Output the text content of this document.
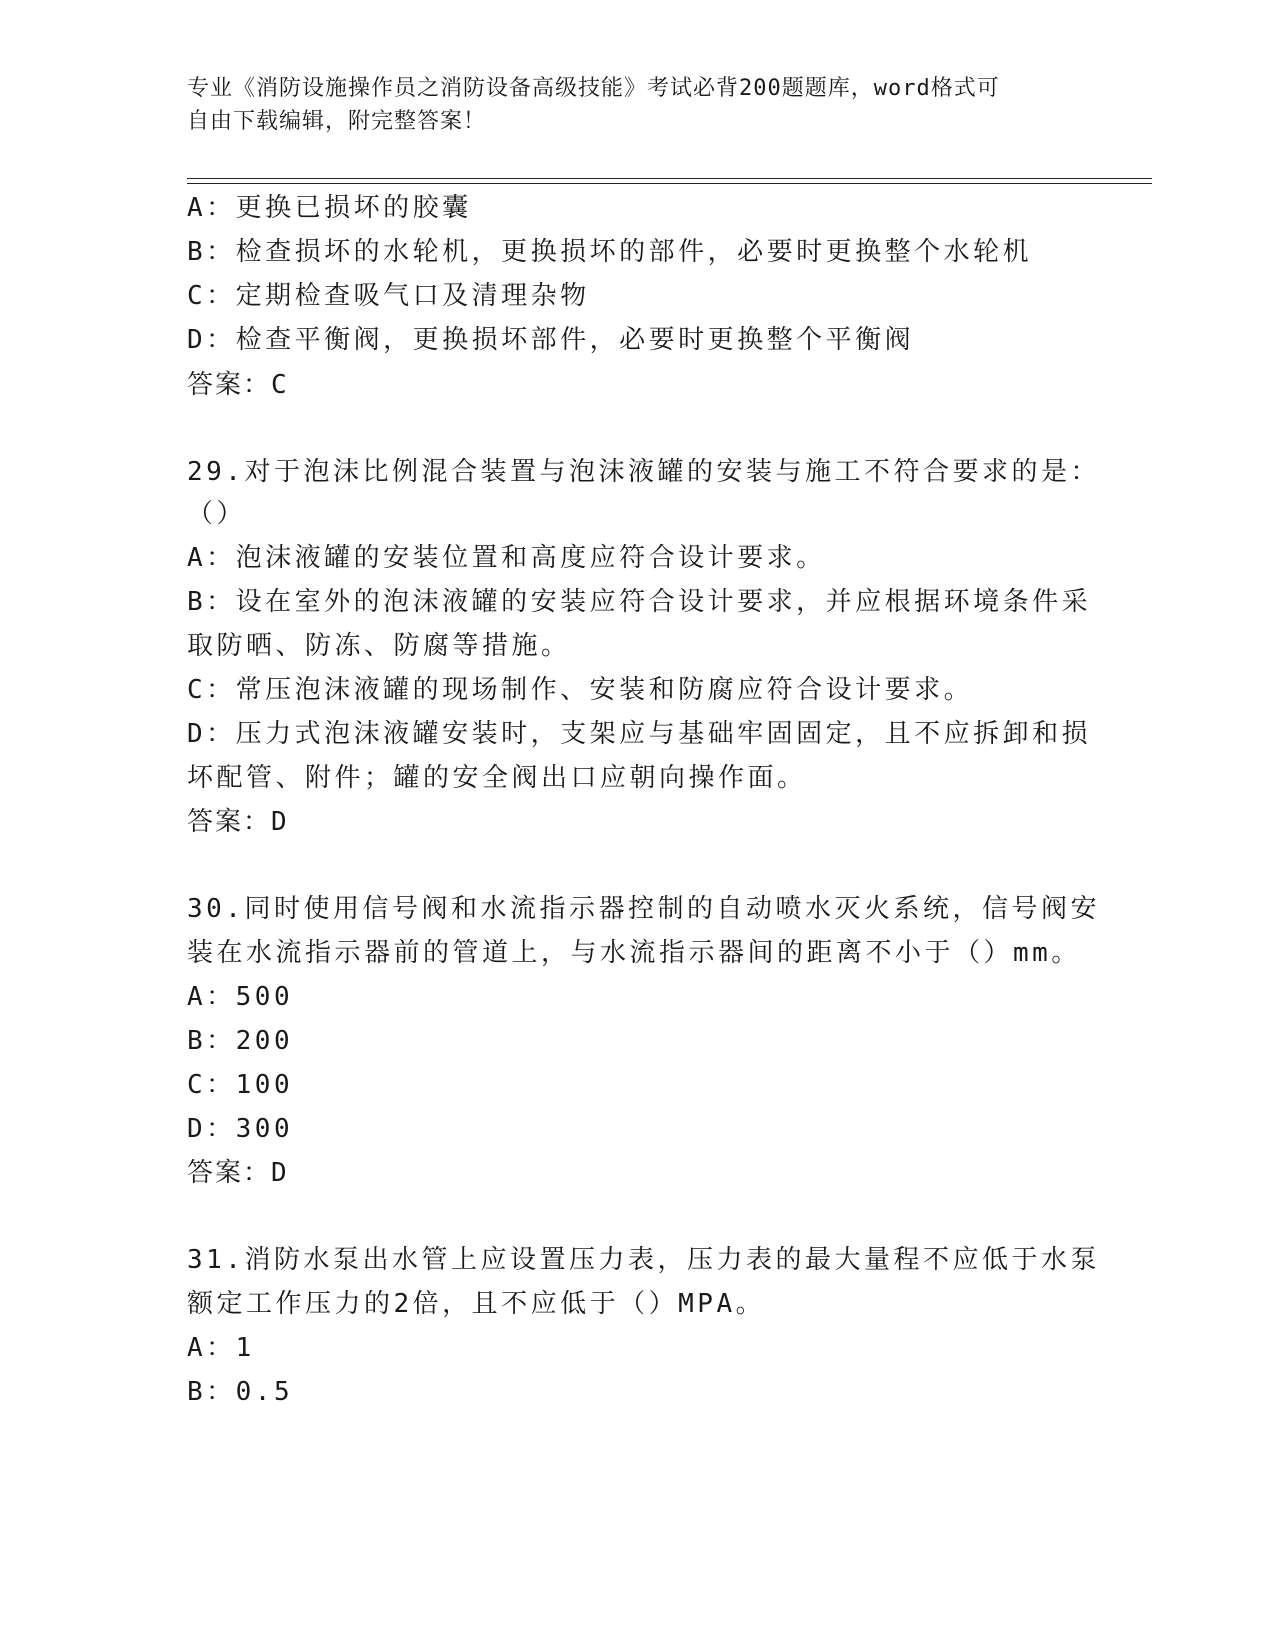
专业《消防设施操作员之消防设备高级技能》考试必背200题题库，word格式可
自由下载编辑，附完整答案！
A：更换已损坏的胶囊
B：检查损坏的水轮机，更换损坏的部件，必要时更换整个水轮机
C：定期检查吸气口及清理杂物
D：检查平衡阀，更换损坏部件，必要时更换整个平衡阀
答案：C
29.对于泡沫比例混合装置与泡沫液罐的安装与施工不符合要求的是：
（）
A：泡沫液罐的安装位置和高度应符合设计要求。
B：设在室外的泡沫液罐的安装应符合设计要求，并应根据环境条件采
取防晒、防冻、防腐等措施。
C：常压泡沫液罐的现场制作、安装和防腐应符合设计要求。
D：压力式泡沫液罐安装时，支架应与基础牢固固定，且不应拆卸和损
坏配管、附件；罐的安全阀出口应朝向操作面。
答案：D
30.同时使用信号阀和水流指示器控制的自动喷水灭火系统，信号阀安
装在水流指示器前的管道上，与水流指示器间的距离不小于（）mm。
A：500
B：200
C：100
D：300
答案：D
31.消防水泵出水管上应设置压力表，压力表的最大量程不应低于水泵
额定工作压力的2倍，且不应低于（）MPA。
A：1
B：0.5
